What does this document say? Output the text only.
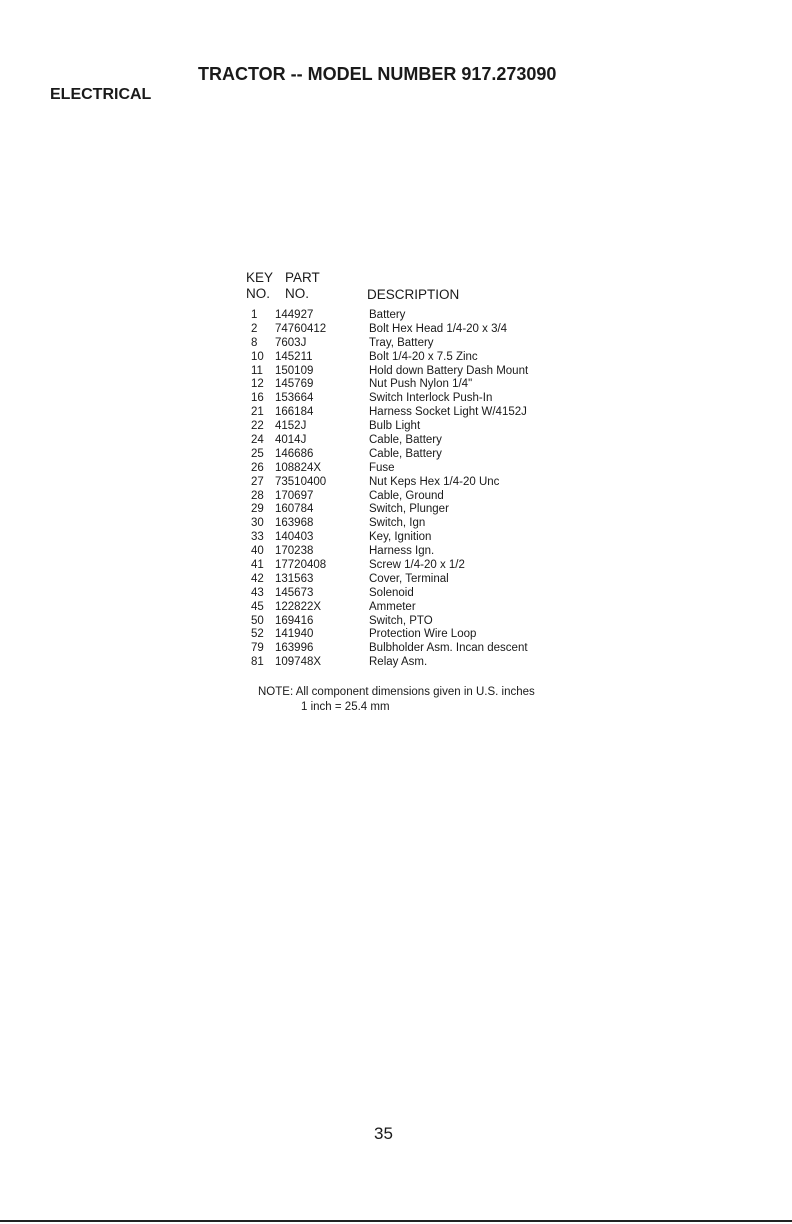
TRACTOR -- MODEL NUMBER 917.273090
ELECTRICAL
KEY
NO.
PART
NO.	DESCRIPTION
1	144927	Battery
2	74760412	Bolt Hex Head 1/4-20 x 3/4
8	7603J	Tray, Battery
10 145211	Bolt 1/4-20 x 7.5 Zinc
11	150109	Hold down Battery Dash Mount
12 145769	Nut Push Nylon 1/4"
16 153664	Switch Interlock Push-In
21 166184	Harness Socket Light W/4152J
22 4152J	Bulb Light
24 4014J	Cable, Battery
25 146686	Cable, Battery
26 108824X	Fuse
27 73510400	Nut Keps Hex 1/4-20 Unc
28 170697	Cable, Ground
29 160784	Switch, Plunger
30 163968	Switch, Ign
33 140403	Key, Ignition
40 170238	Harness Ign.
41 17720408	Screw 1/4-20 x 1/2
42 131563	Cover, Terminal
43 145673	Solenoid
45 122822X	Ammeter
50 169416	Switch, PTO
52 141940	Protection Wire Loop
79 163996	Bulbholder Asm. Incan descent
81 109748X	Relay Asm.
NOTE: All component dimensions given in U.S. inches
1 inch = 25.4 mm
35
